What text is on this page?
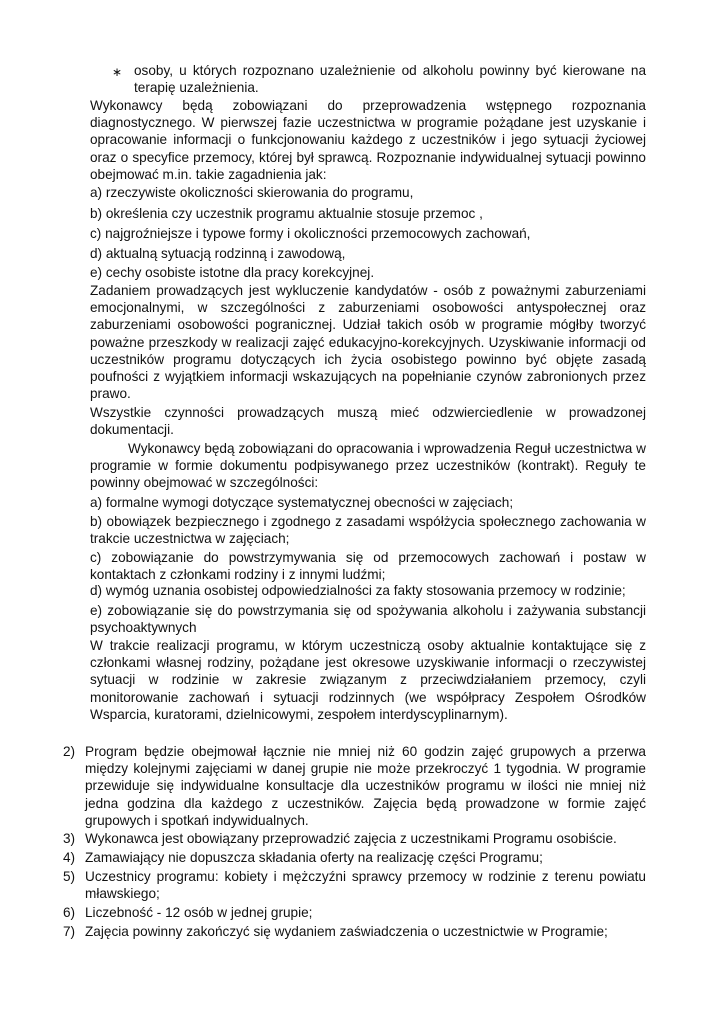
∗ osoby, u których rozpoznano uzależnienie od alkoholu powinny być kierowane na terapię uzależnienia.

Wykonawcy będą zobowiązani do przeprowadzenia wstępnego rozpoznania diagnostycznego. W pierwszej fazie uczestnictwa w programie pożądane jest uzyskanie i opracowanie informacji o funkcjonowaniu każdego z uczestników i jego sytuacji życiowej oraz o specyfice przemocy, której był sprawcą. Rozpoznanie indywidualnej sytuacji powinno obejmować m.in. takie zagadnienia jak:

a) rzeczywiste okoliczności skierowania do programu,

b) określenia czy uczestnik programu aktualnie stosuje przemoc ,

c) najgroźniejsze i typowe formy i okoliczności przemocowych zachowań,

d) aktualną sytuacją rodzinną i zawodową,

e) cechy osobiste istotne dla pracy korekcyjnej.

Zadaniem prowadzących jest wykluczenie kandydatów - osób z poważnymi zaburzeniami emocjonalnymi, w szczególności z zaburzeniami osobowości antyspołecznej oraz zaburzeniami osobowości pogranicznej. Udział takich osób w programie mógłby tworzyć poważne przeszkody w realizacji zajęć edukacyjno-korekcyjnych. Uzyskiwanie informacji od uczestników programu dotyczących ich życia osobistego powinno być objęte zasadą poufności z wyjątkiem informacji wskazujących na popełnianie czynów zabronionych przez prawo.

Wszystkie czynności prowadzących muszą mieć odzwierciedlenie w prowadzonej dokumentacji.

Wykonawcy będą zobowiązani do opracowania i wprowadzenia Reguł uczestnictwa w programie w formie dokumentu podpisywanego przez uczestników (kontrakt). Reguły te powinny obejmować w szczególności:

a) formalne wymogi dotyczące systematycznej obecności w zajęciach;

b) obowiązek bezpiecznego i zgodnego z zasadami współżycia społecznego zachowania w trakcie uczestnictwa w zajęciach;

c) zobowiązanie do powstrzymywania się od przemocowych zachowań i postaw w kontaktach z członkami rodziny i z innymi ludźmi;

d) wymóg uznania osobistej odpowiedzialności za fakty stosowania przemocy w rodzinie;

e) zobowiązanie się do powstrzymania się od spożywania alkoholu i zażywania substancji psychoaktywnych

W trakcie realizacji programu, w którym uczestniczą osoby aktualnie kontaktujące się z członkami własnej rodziny, pożądane jest okresowe uzyskiwanie informacji o rzeczywistej sytuacji w rodzinie w zakresie związanym z przeciwdziałaniem przemocy, czyli monitorowanie zachowań i sytuacji rodzinnych (we współpracy Zespołem Ośrodków Wsparcia, kuratorami, dzielnicowymi, zespołem interdyscyplinarnym).

2) Program będzie obejmował łącznie nie mniej niż 60 godzin zajęć grupowych a przerwa między kolejnymi zajęciami w danej grupie nie może przekroczyć 1 tygodnia. W programie przewiduje się indywidualne konsultacje dla uczestników programu w ilości nie mniej niż jedna godzina dla każdego z uczestników. Zajęcia będą prowadzone w formie zajęć grupowych i spotkań indywidualnych.

3) Wykonawca jest obowiązany przeprowadzić zajęcia z uczestnikami Programu osobiście.

4) Zamawiający nie dopuszcza składania oferty na realizację części Programu;

5) Uczestnicy programu: kobiety i mężczyźni sprawcy przemocy w rodzinie z terenu powiatu mławskiego;

6) Liczebność - 12 osób w jednej grupie;

7) Zajęcia powinny zakończyć się wydaniem zaświadczenia o uczestnictwie w Programie;
